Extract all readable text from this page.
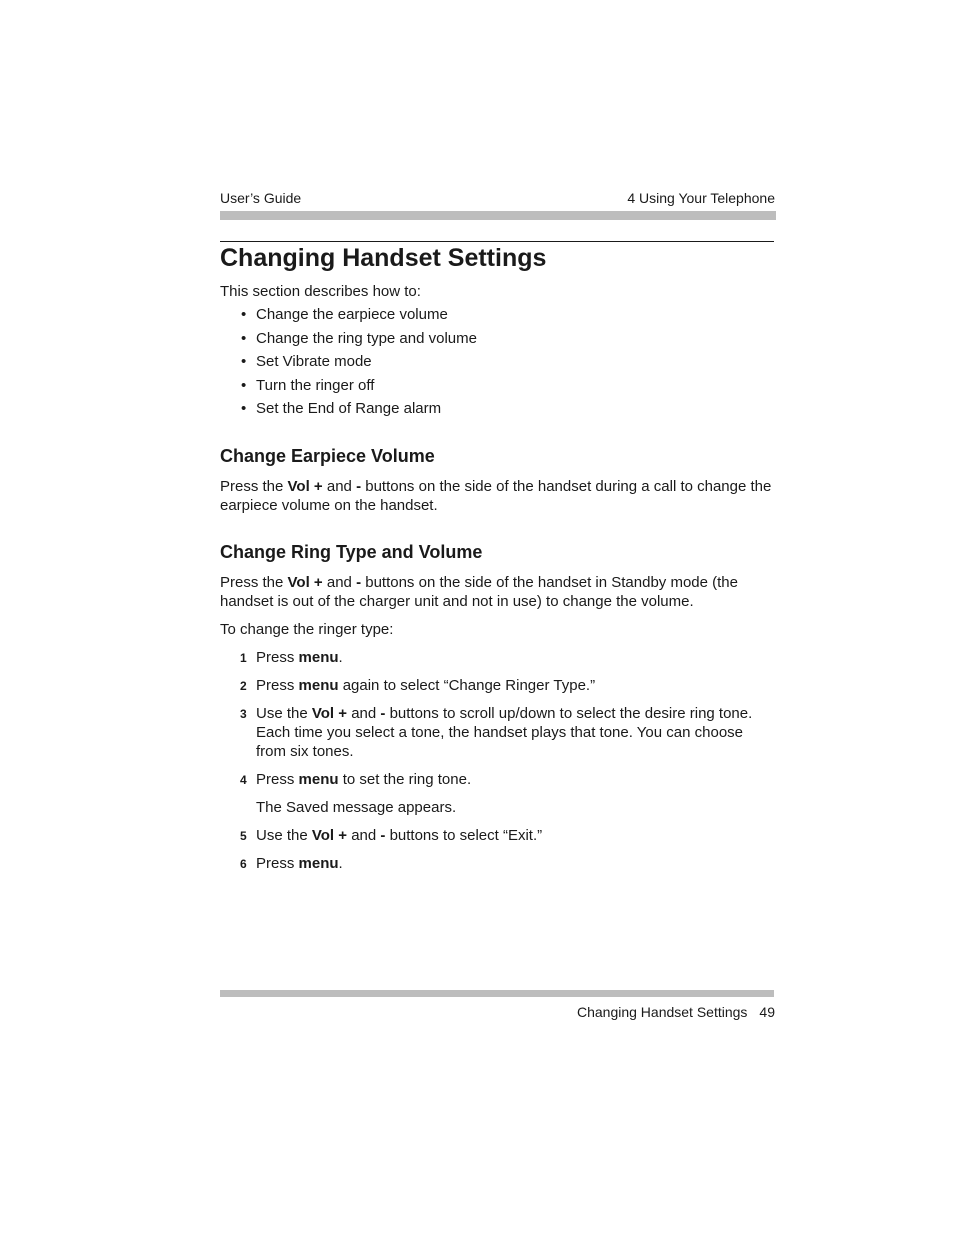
User’s Guide	4 Using Your Telephone
Changing Handset Settings

This section describes how to:

• Change the earpiece volume
• Change the ring type and volume
• Set Vibrate mode
• Turn the ringer off
• Set the End of Range alarm
Change Earpiece Volume

Press the Vol + and - buttons on the side of the handset during a call to change the earpiece volume on the handset.

Change Ring Type and Volume

Press the Vol + and - buttons on the side of the handset in Standby mode (the handset is out of the charger unit and not in use) to change the volume.

To change the ringer type:

1 Press menu.
2 Press menu again to select “Change Ringer Type.”
3 Use the Vol + and - buttons to scroll up/down to select the desire ring tone. Each time you select a tone, the handset plays that tone. You can choose from six tones.
4 Press menu to set the ring tone.
The Saved message appears.
5 Use the Vol + and - buttons to select “Exit.”
6 Press menu.
Changing Handset Settings 49
